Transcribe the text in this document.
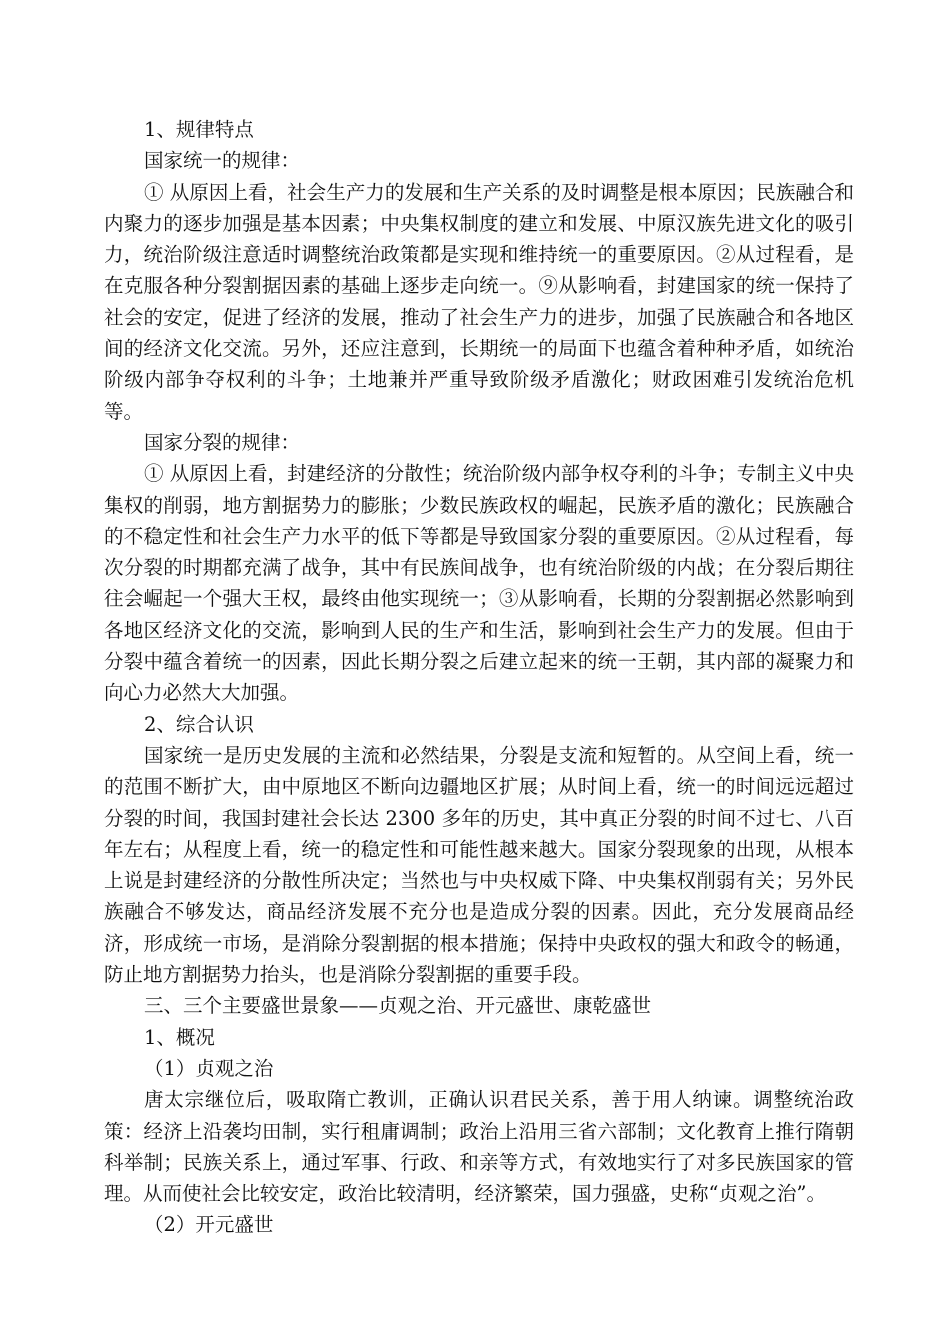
1、规律特点

国家统一的规律：

① 从原因上看，社会生产力的发展和生产关系的及时调整是根本原因；民族融合和内聚力的逐步加强是基本因素；中央集权制度的建立和发展、中原汉族先进文化的吸引力，统治阶级注意适时调整统治政策都是实现和维持统一的重要原因。②从过程看，是在克服各种分裂割据因素的基础上逐步走向统一。⑨从影响看，封建国家的统一保持了社会的安定，促进了经济的发展，推动了社会生产力的进步，加强了民族融合和各地区间的经济文化交流。另外，还应注意到，长期统一的局面下也蕴含着种种矛盾，如统治阶级内部争夺权利的斗争；土地兼并严重导致阶级矛盾激化；财政困难引发统治危机等。

国家分裂的规律：

① 从原因上看，封建经济的分散性；统治阶级内部争权夺利的斗争；专制主义中央集权的削弱，地方割据势力的膨胀；少数民族政权的崛起，民族矛盾的激化；民族融合的不稳定性和社会生产力水平的低下等都是导致国家分裂的重要原因。②从过程看，每次分裂的时期都充满了战争，其中有民族间战争，也有统治阶级的内战；在分裂后期往往会崛起一个强大王权，最终由他实现统一；③从影响看，长期的分裂割据必然影响到各地区经济文化的交流，影响到人民的生产和生活，影响到社会生产力的发展。但由于分裂中蕴含着统一的因素，因此长期分裂之后建立起来的统一王朝，其内部的凝聚力和向心力必然大大加强。

2、综合认识

国家统一是历史发展的主流和必然结果，分裂是支流和短暂的。从空间上看，统一的范围不断扩大，由中原地区不断向边疆地区扩展；从时间上看，统一的时间远远超过分裂的时间，我国封建社会长达 2300 多年的历史，其中真正分裂的时间不过七、八百年左右；从程度上看，统一的稳定性和可能性越来越大。国家分裂现象的出现，从根本上说是封建经济的分散性所决定；当然也与中央权威下降、中央集权削弱有关；另外民族融合不够发达，商品经济发展不充分也是造成分裂的因素。因此，充分发展商品经济，形成统一市场，是消除分裂割据的根本措施；保持中央政权的强大和政令的畅通，防止地方割据势力抬头，也是消除分裂割据的重要手段。

三、三个主要盛世景象——贞观之治、开元盛世、康乾盛世

1、概况

（1）贞观之治

唐太宗继位后，吸取隋亡教训，正确认识君民关系，善于用人纳谏。调整统治政策：经济上沿袭均田制，实行租庸调制；政治上沿用三省六部制；文化教育上推行隋朝科举制；民族关系上，通过军事、行政、和亲等方式，有效地实行了对多民族国家的管理。从而使社会比较安定，政治比较清明，经济繁荣，国力强盛，史称“贞观之治”。

（2）开元盛世
